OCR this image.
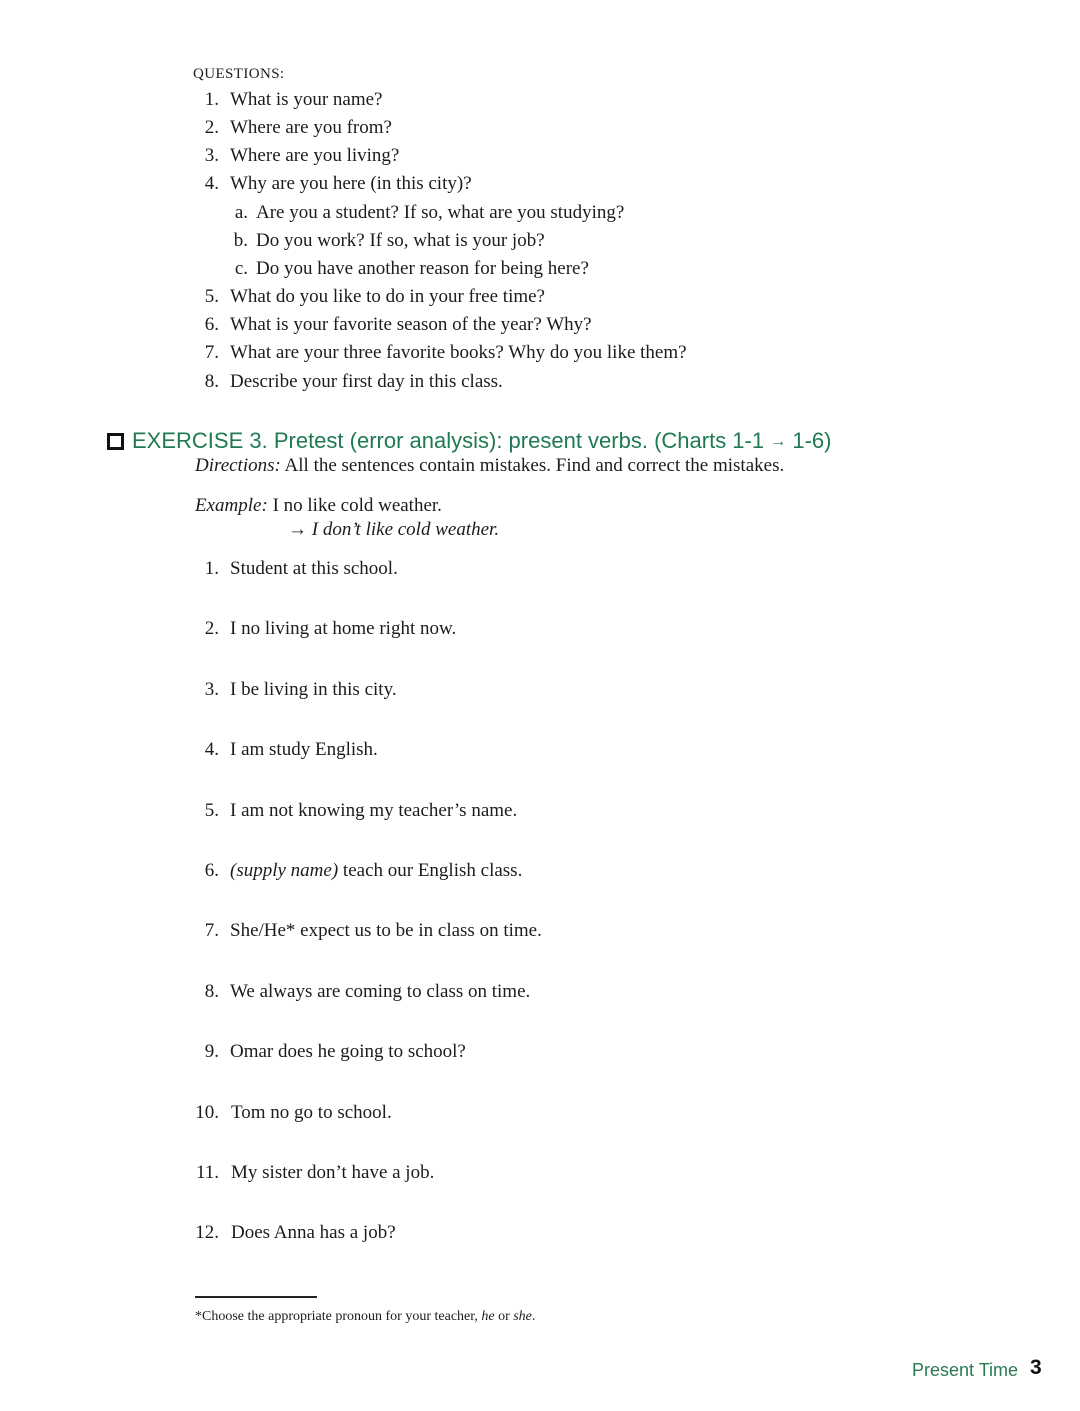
QUESTIONS:
1. What is your name?
2. Where are you from?
3. Where are you living?
4. Why are you here (in this city)?
a. Are you a student? If so, what are you studying?
b. Do you work? If so, what is your job?
c. Do you have another reason for being here?
5. What do you like to do in your free time?
6. What is your favorite season of the year? Why?
7. What are your three favorite books? Why do you like them?
8. Describe your first day in this class.
EXERCISE 3. Pretest (error analysis): present verbs. (Charts 1-1 → 1-6)
Directions: All the sentences contain mistakes. Find and correct the mistakes.
Example: I no like cold weather.
→ I don’t like cold weather.
1. Student at this school.
2. I no living at home right now.
3. I be living in this city.
4. I am study English.
5. I am not knowing my teacher’s name.
6. (supply name) teach our English class.
7. She/He* expect us to be in class on time.
8. We always are coming to class on time.
9. Omar does he going to school?
10. Tom no go to school.
11. My sister don’t have a job.
12. Does Anna has a job?
*Choose the appropriate pronoun for your teacher, he or she.
Present Time 3
